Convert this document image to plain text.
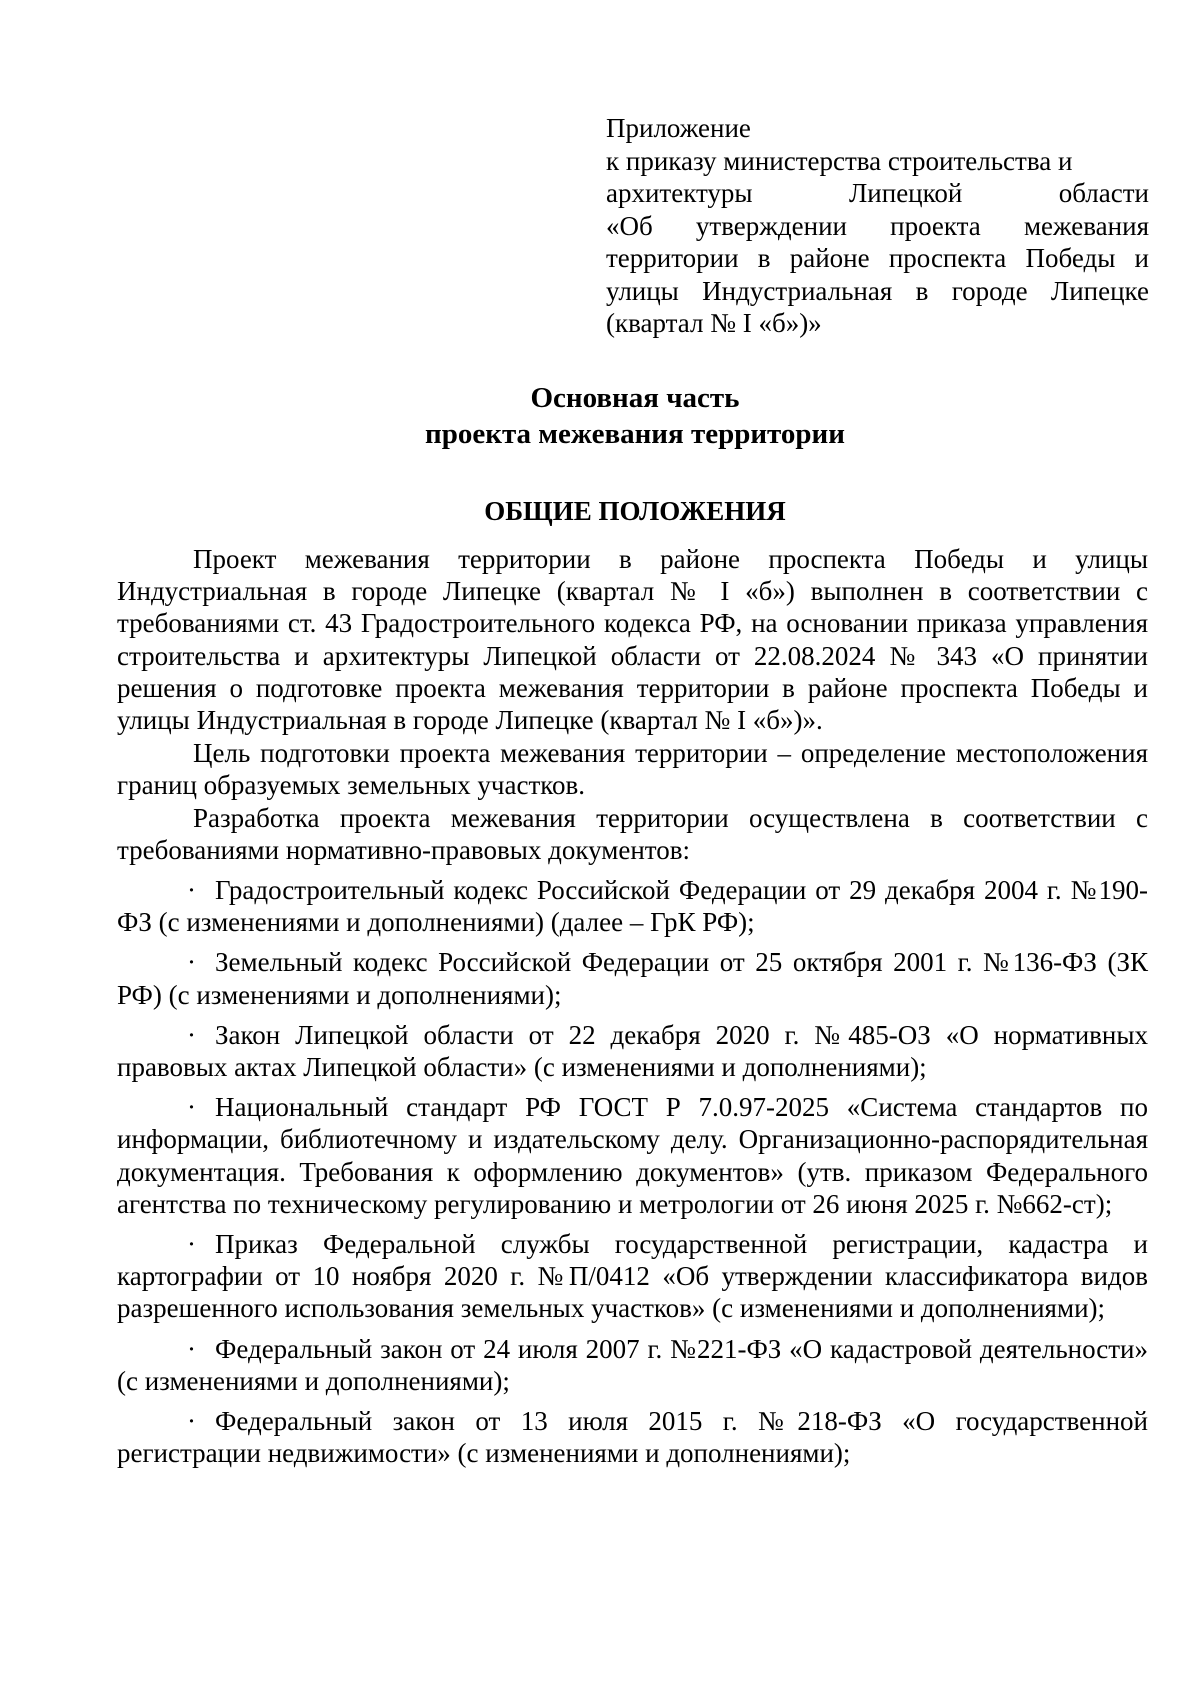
Приложение
к приказу министерства строительства и
архитектуры Липецкой области
«Об утверждении проекта межевания
территории в районе проспекта Победы и
улицы Индустриальная в городе Липецке
(квартал № I «б»)»
Основная часть
проекта межевания территории
ОБЩИЕ ПОЛОЖЕНИЯ

Проект межевания территории в районе проспекта Победы и улицы Индустриальная в городе Липецке (квартал № I «б») выполнен в соответствии с требованиями ст. 43 Градостроительного кодекса РФ, на основании приказа управления строительства и архитектуры Липецкой области от 22.08.2024 № 343 «О принятии решения о подготовке проекта межевания территории в районе проспекта Победы и улицы Индустриальная в городе Липецке (квартал № I «б»)».

Цель подготовки проекта межевания территории – определение местоположения границ образуемых земельных участков.

Разработка проекта межевания территории осуществлена в соответствии с требованиями нормативно-правовых документов:

· Градостроительный кодекс Российской Федерации от 29 декабря 2004 г. №190-ФЗ (с изменениями и дополнениями) (далее – ГрК РФ);

· Земельный кодекс Российской Федерации от 25 октября 2001 г. №136-ФЗ (ЗК РФ) (с изменениями и дополнениями);

· Закон Липецкой области от 22 декабря 2020 г. №485-ОЗ «О нормативных правовых актах Липецкой области» (с изменениями и дополнениями);

· Национальный стандарт РФ ГОСТ Р 7.0.97-2025 «Система стандартов по информации, библиотечному и издательскому делу. Организационно-распорядительная документация. Требования к оформлению документов» (утв. приказом Федерального агентства по техническому регулированию и метрологии от 26 июня 2025 г. №662-ст);

· Приказ Федеральной службы государственной регистрации, кадастра и картографии от 10 ноября 2020 г. №П/0412 «Об утверждении классификатора видов разрешенного использования земельных участков» (с изменениями и дополнениями);

· Федеральный закон от 24 июля 2007 г. №221-ФЗ «О кадастровой деятельности» (с изменениями и дополнениями);

· Федеральный закон от 13 июля 2015 г. №218-ФЗ «О государственной регистрации недвижимости» (с изменениями и дополнениями);
